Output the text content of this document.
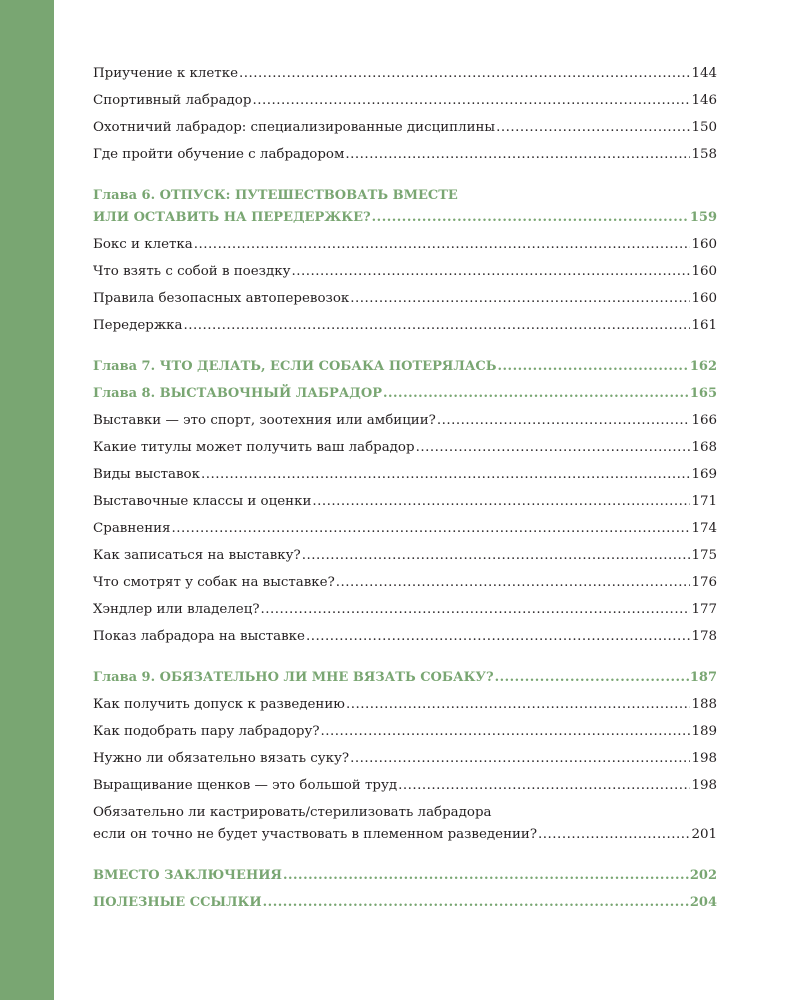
Приучение к клетке .....	144
Спортивный лабрадор .....	146
Охотничий лабрадор: специализированные дисциплины .....	150
Где пройти обучение с лабрадором .....	158
Глава 6. ОТПУСК: ПУТЕШЕСТВОВАТЬ ВМЕСТЕ
ИЛИ ОСТАВИТЬ НА ПЕРЕДЕРЖКЕ? .....	159
Бокс и клетка .....	160
Что взять с собой в поездку .....	160
Правила безопасных автоперевозок .....	160
Передержка .....	161
Глава 7. ЧТО ДЕЛАТЬ, ЕСЛИ СОБАКА ПОТЕРЯЛАСЬ .....	162
Глава 8. ВЫСТАВОЧНЫЙ ЛАБРАДОР .....	165
Выставки — это спорт, зоотехния или амбиции? .....	166
Какие титулы может получить ваш лабрадор .....	168
Виды выставок .....	169
Выставочные классы и оценки .....	171
Сравнения .....	174
Как записаться на выставку? .....	175
Что смотрят у собак на выставке? .....	176
Хэндлер или владелец? .....	177
Показ лабрадора на выставке .....	178
Глава 9. ОБЯЗАТЕЛЬНО ЛИ МНЕ ВЯЗАТЬ СОБАКУ? .....	187
Как получить допуск к разведению .....	188
Как подобрать пару лабрадору? .....	189
Нужно ли обязательно вязать суку? .....	198
Выращивание щенков — это большой труд .....	198
Обязательно ли кастрировать/стерилизовать лабрадора
если он точно не будет участвовать в племенном разведении? .....	201
ВМЕСТО ЗАКЛЮЧЕНИЯ .....	202
ПОЛЕЗНЫЕ ССЫЛКИ .....	204
